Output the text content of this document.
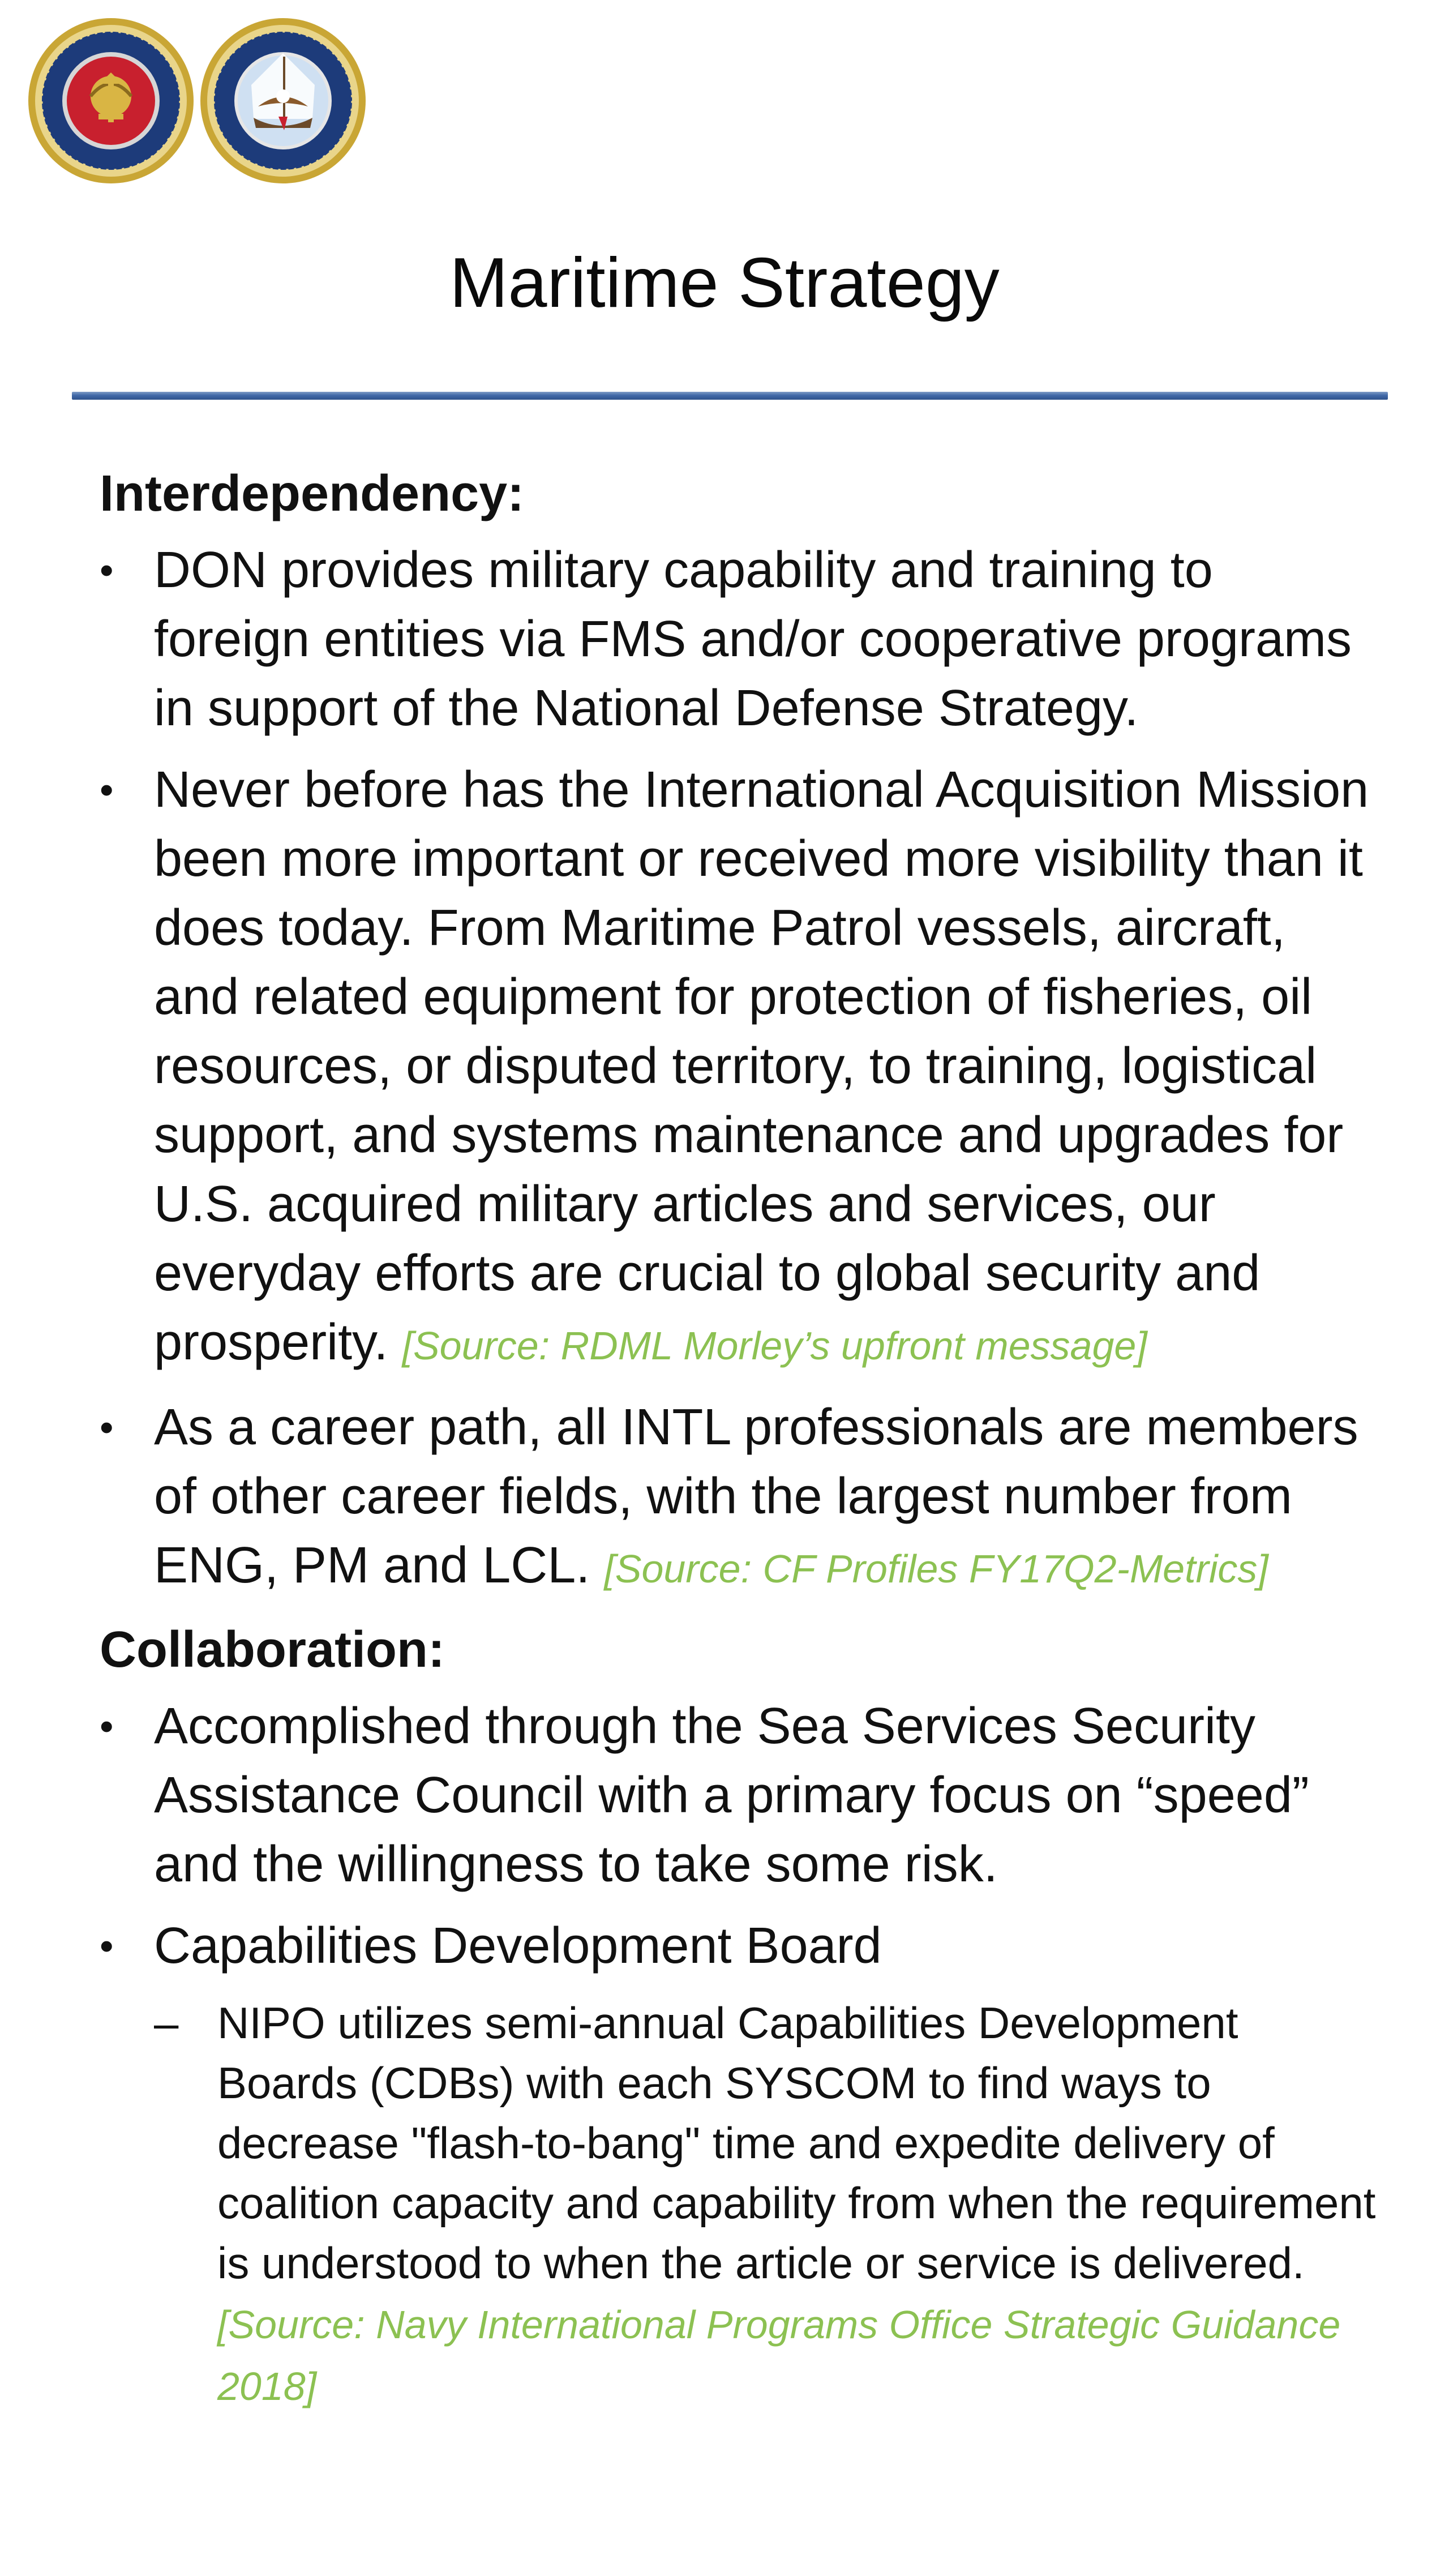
Maritime Strategy
Interdependency:
• DON provides military capability and training to foreign entities via FMS and/or cooperative programs in support of the National Defense Strategy.
• Never before has the International Acquisition Mission been more important or received more visibility than it does today. From Maritime Patrol vessels, aircraft, and related equipment for protection of fisheries, oil resources, or disputed territory, to training, logistical support, and systems maintenance and upgrades for U.S. acquired military articles and services, our everyday efforts are crucial to global security and prosperity. [Source: RDML Morley’s upfront message]
• As a career path, all INTL professionals are members of other career fields, with the largest number from ENG, PM and LCL. [Source: CF Profiles FY17Q2-Metrics]
Collaboration:
• Accomplished through the Sea Services Security Assistance Council with a primary focus on “speed” and the willingness to take some risk.
• Capabilities Development Board
– NIPO utilizes semi-annual Capabilities Development Boards (CDBs) with each SYSCOM to find ways to decrease "flash-to-bang" time and expedite delivery of coalition capacity and capability from when the requirement is understood to when the article or service is delivered. [Source: Navy International Programs Office Strategic Guidance 2018]
